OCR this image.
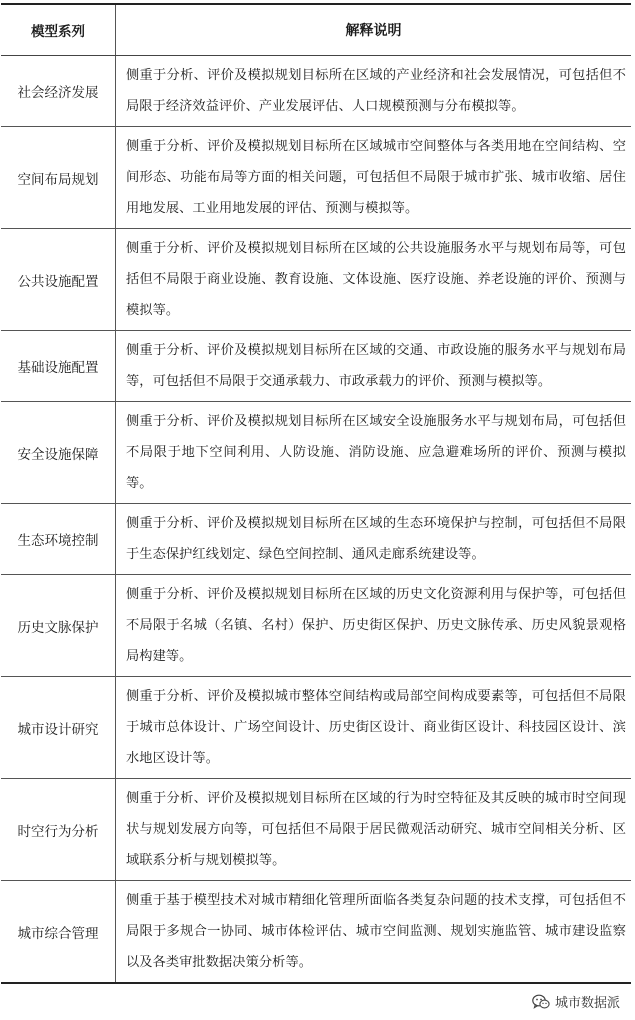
模型系列	解释说明
社会经济发展	侧重于分析、评价及模拟规划目标所在区域的产业经济和社会发展情况，可包括但不局限于经济效益评价、产业发展评估、人口规模预测与分布模拟等。
空间布局规划	侧重于分析、评价及模拟规划目标所在区域城市空间整体与各类用地在空间结构、空间形态、功能布局等方面的相关问题，可包括但不局限于城市扩张、城市收缩、居住用地发展、工业用地发展的评估、预测与模拟等。
公共设施配置	侧重于分析、评价及模拟规划目标所在区域的公共设施服务水平与规划布局等，可包括但不局限于商业设施、教育设施、文体设施、医疗设施、养老设施的评价、预测与模拟等。
基础设施配置	侧重于分析、评价及模拟规划目标所在区域的交通、市政设施的服务水平与规划布局等，可包括但不局限于交通承载力、市政承载力的评价、预测与模拟等。
安全设施保障	侧重于分析、评价及模拟规划目标所在区域安全设施服务水平与规划布局，可包括但不局限于地下空间利用、人防设施、消防设施、应急避难场所的评价、预测与模拟等。
生态环境控制	侧重于分析、评价及模拟规划目标所在区域的生态环境保护与控制，可包括但不局限于生态保护红线划定、绿色空间控制、通风走廊系统建设等。
历史文脉保护	侧重于分析、评价及模拟规划目标所在区域的历史文化资源利用与保护等，可包括但不局限于名城（名镇、名村）保护、历史街区保护、历史文脉传承、历史风貌景观格局构建等。
城市设计研究	侧重于分析、评价及模拟城市整体空间结构或局部空间构成要素等，可包括但不局限于城市总体设计、广场空间设计、历史街区设计、商业街区设计、科技园区设计、滨水地区设计等。
时空行为分析	侧重于分析、评价及模拟规划目标所在区域的行为时空特征及其反映的城市时空间现状与规划发展方向等，可包括但不局限于居民微观活动研究、城市空间相关分析、区域联系分析与规划模拟等。
城市综合管理	侧重于基于模型技术对城市精细化管理所面临各类复杂问题的技术支撑，可包括但不局限于多规合一协同、城市体检评估、城市空间监测、规划实施监管、城市建设监察以及各类审批数据决策分析等。
城市数据派
